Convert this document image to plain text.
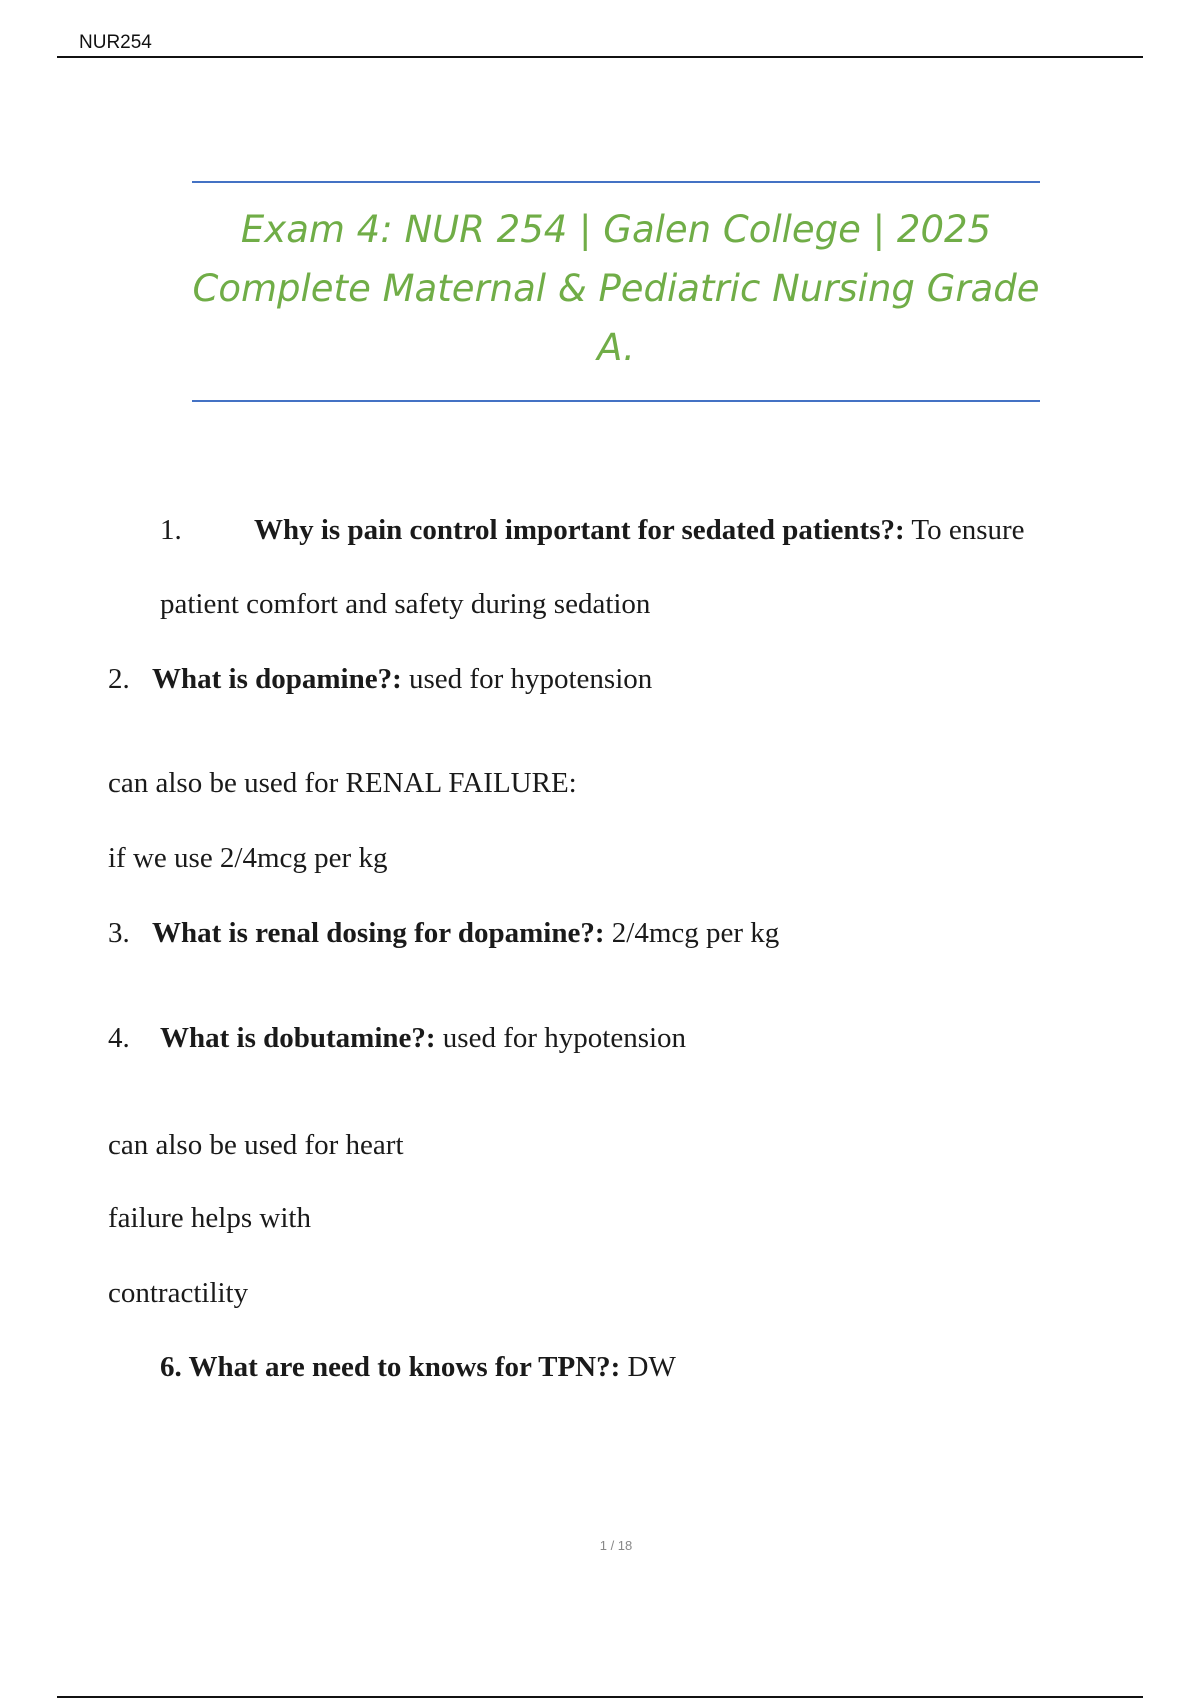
NUR254
Exam 4: NUR 254 | Galen College | 2025
Complete Maternal & Pediatric Nursing Grade
A.
1. Why is pain control important for sedated patients?: To ensure
patient comfort and safety during sedation
2. What is dopamine?: used for hypotension
can also be used for RENAL FAILURE:
if we use 2/4mcg per kg
3. What is renal dosing for dopamine?: 2/4mcg per kg
4. What is dobutamine?: used for hypotension
can also be used for heart
failure helps with
contractility
6. What are need to knows for TPN?: DW
1 / 18
